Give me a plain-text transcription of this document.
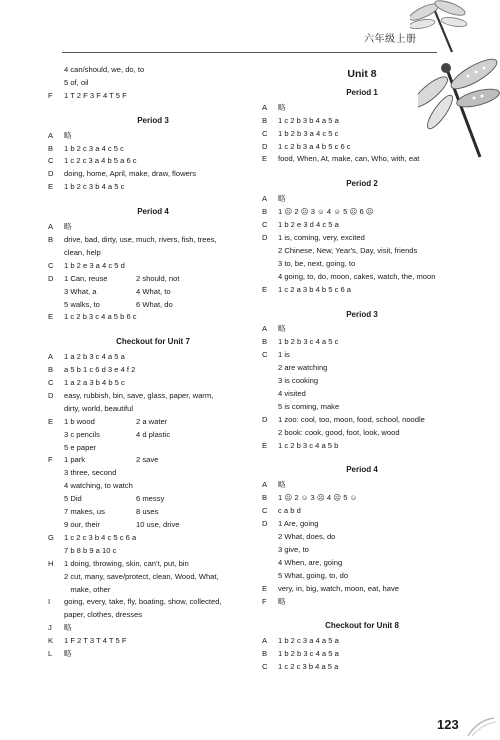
六年级上册
4 can/should, we, do, to
5 of, oil
F	1 T 2 F 3 F 4 T 5 F
Period 3
A	略
B	1 b 2 c 3 a 4 c 5 c
C	1 c 2 c 3 a 4 b 5 a 6 c
D	doing, home, April, make, draw, flowers
E	1 b 2 c 3 b 4 a 5 c
Period 4
A	略
B	drive, bad, dirty, use, much, rivers, fish, trees,
clean, help
C	1 b 2 e 3 a 4 c 5 d
D	1 Can, reuse	2 should, not
3 What, a	4 What, to
5 walks, to	6 What, do
E	1 c 2 b 3 c 4 a 5 b 6 c
Checkout for Unit 7
A	1 a 2 b 3 c 4 a 5 a
B	a 5 b 1 c 6 d 3 e 4 f 2
C	1 a 2 a 3 b 4 b 5 c
D	easy, rubbish, bin, save, glass, paper, warm,
dirty, world, beautiful
E	1 b wood	2 a water
3 c pencils	4 d plastic
5 e paper
F	1 park	2 save
3 three, second
4 watching, to watch
5 Did	6 messy
7 makes, us	8 uses
9 our, their	10 use, drive
G	1 c 2 c 3 b 4 c 5 c 6 a
7 b 8 b 9 a 10 c
H	1 doing, throwing, skin, can't, put, bin
2 cut, many, save/protect, clean, Wood, What,
make, other
I	going, every, take, fly, boating, show, collected,
paper, clothes, dresses
J	略
K	1 F 2 T 3 T 4 T 5 F
L	略
Unit 8
Period 1
A	略
B	1 c 2 b 3 b 4 a 5 a
C	1 b 2 b 3 a 4 c 5 c
D	1 c 2 b 3 a 4 b 5 c 6 c
E	food, When, At, make, can, Who, with, eat
Period 2
A	略
B	1 ☹ 2 ☹ 3 ☺ 4 ☺ 5 ☹ 6 ☹
C	1 b 2 e 3 d 4 c 5 a
D	1 is, coming, very, excited
2 Chinese, New, Year's, Day, visit, friends
3 to, be, next, going, to
4 going, to, do, moon, cakes, watch, the, moon
E	1 c 2 a 3 b 4 b 5 c 6 a
Period 3
A	略
B	1 b 2 b 3 c 4 a 5 c
C	1 is
2 are watching
3 is cooking
4 visited
5 is coming, make
D	1 zoo: cool, too, moon, food, school, noodle
2 book: cook, good, foot, look, wood
E	1 c 2 b 3 c 4 a 5 b
Period 4
A	略
B	1 ☹ 2 ☺ 3 ☹ 4 ☹ 5 ☺
C	c a b d
D	1 Are, going
2 What, does, do
3 give, to
4 When, are, going
5 What, going, to, do
E	very, in, big, watch, moon, eat, have
F	略
Checkout for Unit 8
A	1 b 2 c 3 a 4 a 5 a
B	1 b 2 b 3 c 4 a 5 a
C	1 c 2 c 3 b 4 a 5 a
123
